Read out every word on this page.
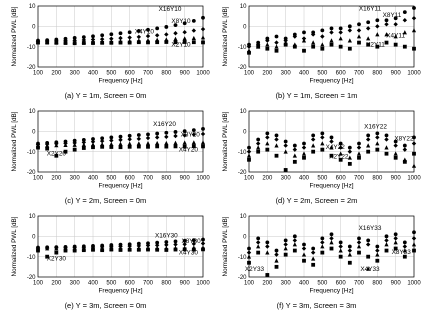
100 200 300 400 500 600 700 800 900 1000
-20
-10
0
10
Frequency [Hz]
Normalized PWL [dB]	X16Y10
X8Y10
X4Y10
X2Y10
(a) Y = 1m, Screen = 0m
100 200 300 400 500 600 700 800 900 1000
-20
-10
0
10
Frequency [Hz]
Normalized PWL [dB]	X16Y11
X8Y11
X4Y11
X2Y11
(b) Y = 1m, Screen = 1m
100 200 300 400 500 600 700 800 900 1000
-20
-10
0
10
Frequency [Hz]
Normalized PWL [dB]	X16Y20
X8Y20
X2Y20
X4Y20
(c) Y = 2m, Screen = 0m
100 200 300 400 500 600 700 800 900 1000
-20
-10
0
10
Frequency [Hz]
Normalized PWL [dB]	X16Y22
X8Y22
X4Y22
X2Y22
(d) Y = 2m, Screen = 2m
100 200 300 400 500 600 700 800 900 1000
-20
-10
0
10
Frequency [Hz]
Normalized PWL [dB]	X16Y30
X8Y30
X2Y30
X4Y30
(e) Y = 3m, Screen = 0m
100 200 300 400 500 600 700 800 900 1000
-20
-10
0
10
Frequency [Hz]
Normalized PWL [dB]	X16Y33
X8Y33
X4Y33
X2Y33
(f) Y = 3m, Screen = 3m
